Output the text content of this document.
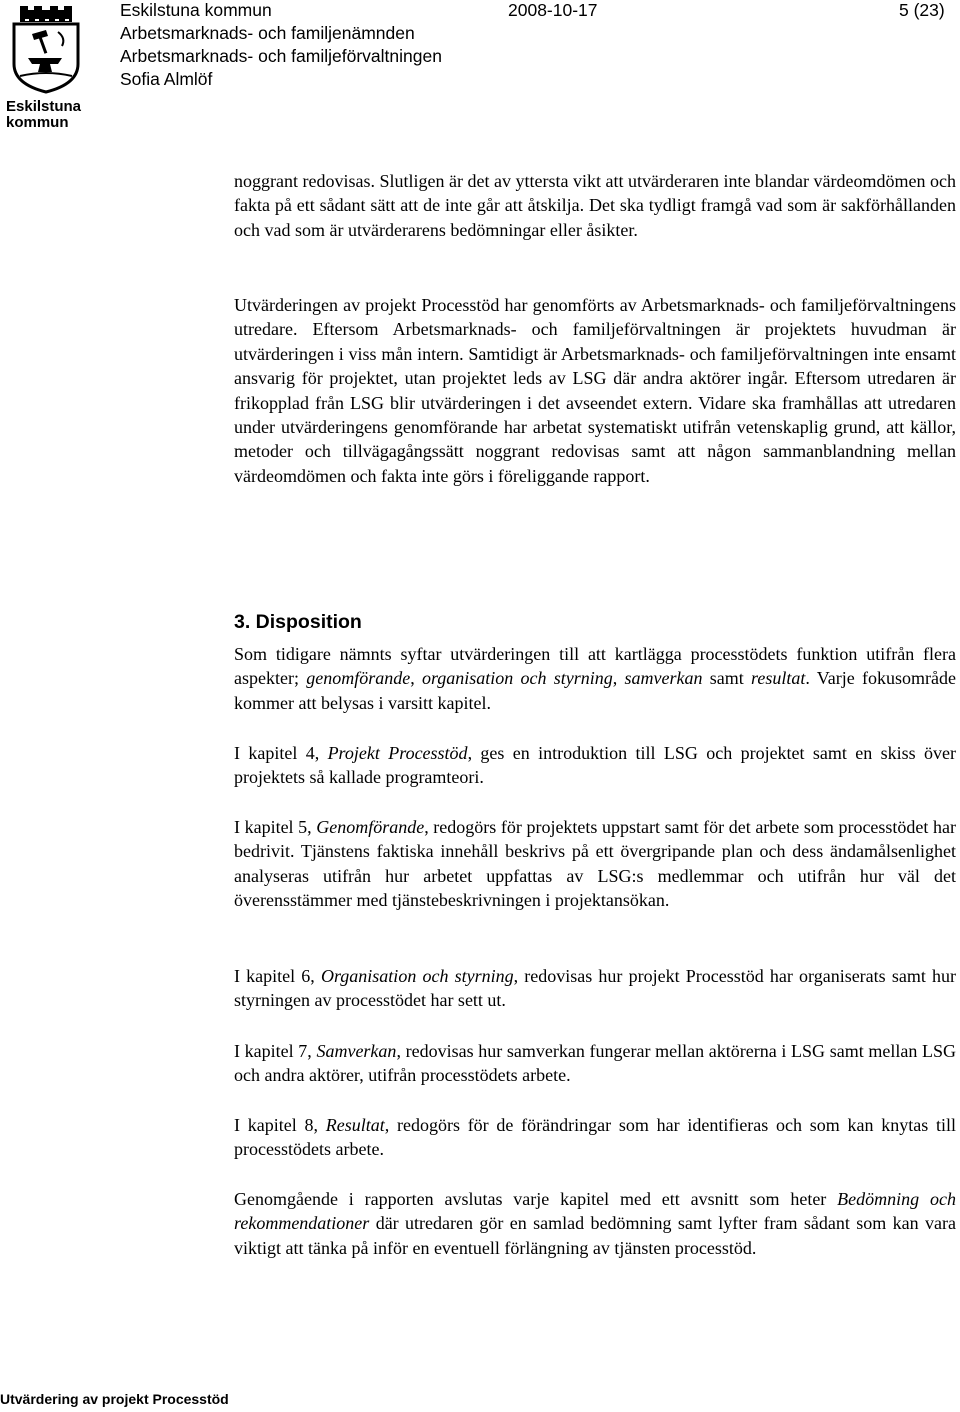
Eskilstuna
kommun
Eskilstuna kommun	2008-10-17	5 (23)
Arbetsmarknads- och familjenämnden
Arbetsmarknads- och familjeförvaltningen
Sofia Almlöf

noggrant redovisas. Slutligen är det av yttersta vikt att utvärderaren inte blandar värdeomdömen och fakta på ett sådant sätt att de inte går att åtskilja. Det ska tydligt framgå vad som är sakförhållanden och vad som är utvärderarens bedömningar eller åsikter.

Utvärderingen av projekt Processtöd har genomförts av Arbetsmarknads- och familjeförvaltningens utredare. Eftersom Arbetsmarknads- och familjeförvaltningen är projektets huvudman är utvärderingen i viss mån intern. Samtidigt är Arbetsmarknads- och familjeförvaltningen inte ensamt ansvarig för projektet, utan projektet leds av LSG där andra aktörer ingår. Eftersom utredaren är frikopplad från LSG blir utvärderingen i det avseendet extern. Vidare ska framhållas att utredaren under utvärderingens genomförande har arbetat systematiskt utifrån vetenskaplig grund, att källor, metoder och tillvägagångssätt noggrant redovisas samt att någon sammanblandning mellan värdeomdömen och fakta inte görs i föreliggande rapport.

3. Disposition

Som tidigare nämnts syftar utvärderingen till att kartlägga processtödets funktion utifrån flera aspekter; genomförande, organisation och styrning, samverkan samt resultat. Varje fokusområde kommer att belysas i varsitt kapitel.

I kapitel 4, Projekt Processtöd, ges en introduktion till LSG och projektet samt en skiss över projektets så kallade programteori.

I kapitel 5, Genomförande, redogörs för projektets uppstart samt för det arbete som processtödet har bedrivit. Tjänstens faktiska innehåll beskrivs på ett övergripande plan och dess ändamålsenlighet analyseras utifrån hur arbetet uppfattas av LSG:s medlemmar och utifrån hur väl det överensstämmer med tjänstebeskrivningen i projektansökan.

I kapitel 6, Organisation och styrning, redovisas hur projekt Processtöd har organiserats samt hur styrningen av processtödet har sett ut.

I kapitel 7, Samverkan, redovisas hur samverkan fungerar mellan aktörerna i LSG samt mellan LSG och andra aktörer, utifrån processtödets arbete.

I kapitel 8, Resultat, redogörs för de förändringar som har identifieras och som kan knytas till processtödets arbete.

Genomgående i rapporten avslutas varje kapitel med ett avsnitt som heter Bedömning och rekommendationer där utredaren gör en samlad bedömning samt lyfter fram sådant som kan vara viktigt att tänka på inför en eventuell förlängning av tjänsten processtöd.

Utvärdering av projekt Processtöd
